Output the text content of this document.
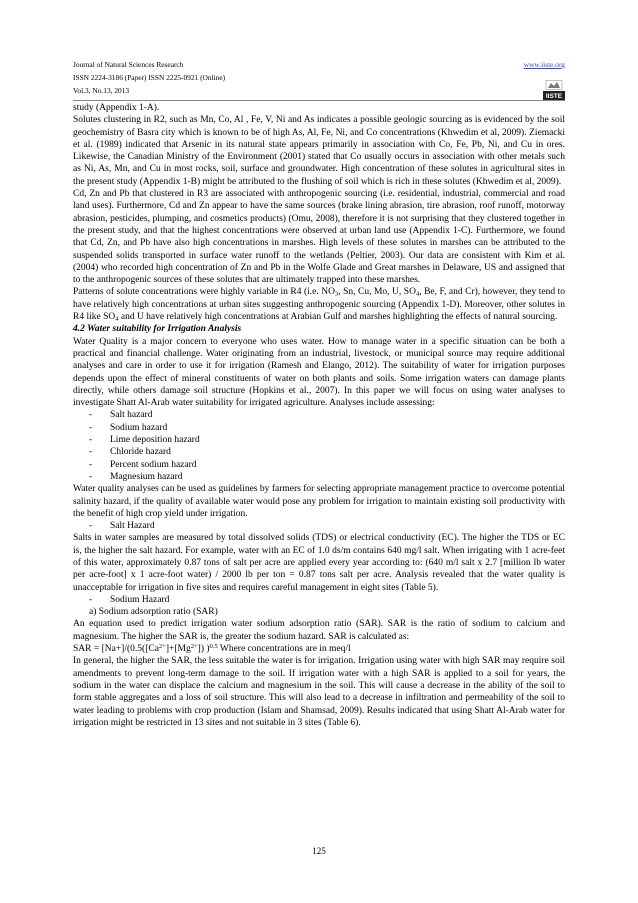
Journal of Natural Sciences Research
ISSN 2224-3186 (Paper) ISSN 2225-0921 (Online)
Vol.3, No.13, 2013
www.iiste.org
IISTE

study (Appendix 1-A).

Solutes clustering in R2, such as Mn, Co, Al , Fe, V, Ni and As indicates a possible geologic sourcing as is evidenced by the soil geochemistry of Basra city which is known to be of high As, Al, Fe, Ni, and Co concentrations (Khwedim et al, 2009). Ziemacki et al. (1989) indicated that Arsenic in its natural state appears primarily in association with Co, Fe, Pb, Ni, and Cu in ores. Likewise, the Canadian Ministry of the Environment (2001) stated that Co usually occurs in association with other metals such as Ni, As, Mn, and Cu in most rocks, soil, surface and groundwater. High concentration of these solutes in agricultural sites in the present study (Appendix 1-B) might be attributed to the flushing of soil which is rich in these solutes (Khwedim et al, 2009).

Cd, Zn and Pb that clustered in R3 are associated with anthropogenic sourcing (i.e. residential, industrial, commercial and road land uses). Furthermore, Cd and Zn appear to have the same sources (brake lining abrasion, tire abrasion, roof runoff, motorway abrasion, pesticides, plumping, and cosmetics products) (Omu, 2008), therefore it is not surprising that they clustered together in the present study, and that the highest concentrations were observed at urban land use (Appendix 1-C). Furthermore, we found that Cd, Zn, and Pb have also high concentrations in marshes. High levels of these solutes in marshes can be attributed to the suspended solids transported in surface water runoff to the wetlands (Peltier, 2003). Our data are consistent with Kim et al. (2004) who recorded high concentration of Zn and Pb in the Wolfe Glade and Great marshes in Delaware, US and assigned that to the anthropogenic sources of these solutes that are ultimately trapped into these marshes.

Patterns of solute concentrations were highly variable in R4 (i.e. $NO_3$, Sn, Cu, Mo, U, $SO_4$, Be, F, and Cr), however, they tend to have relatively high concentrations at urban sites suggesting anthropogenic sourcing (Appendix 1-D). Moreover, other solutes in R4 like $SO_4$ and U have relatively high concentrations at Arabian Gulf and marshes highlighting the effects of natural sourcing.

4.2 Water suitability for Irrigation Analysis

Water Quality is a major concern to everyone who uses water. How to manage water in a specific situation can be both a practical and financial challenge. Water originating from an industrial, livestock, or municipal source may require additional analyses and care in order to use it for irrigation (Ramesh and Elango, 2012). The suitability of water for irrigation purposes depends upon the effect of mineral constituents of water on both plants and soils. Some irrigation waters can damage plants directly, while others damage soil structure (Hopkins et al., 2007). In this paper we will focus on using water analyses to investigate Shatt Al-Arab water suitability for irrigated agriculture. Analyses include assessing:

- Salt hazard
- Sodium hazard
- Lime deposition hazard
- Chloride hazard
- Percent sodium hazard
- Magnesium hazard

Water quality analyses can be used as guidelines by farmers for selecting appropriate management practice to overcome potential salinity hazard, if the quality of available water would pose any problem for irrigation to maintain existing soil productivity with the benefit of high crop yield under irrigation.

- Salt Hazard

Salts in water samples are measured by total dissolved solids (TDS) or electrical conductivity (EC). The higher the TDS or EC is, the higher the salt hazard. For example, water with an EC of 1.0 ds/m contains 640 mg/l salt. When irrigating with 1 acre-feet of this water, approximately 0.87 tons of salt per acre are applied every year according to: (640 m/l salt x 2.7 [million lb water per acre-foot] x 1 acre-foot water) / 2000 lb per ton = 0.87 tons salt per acre. Analysis revealed that the water quality is unacceptable for irrigation in five sites and requires careful management in eight sites (Table 5).

- Sodium Hazard

a) Sodium adsorption ratio (SAR)

An equation used to predict irrigation water sodium adsorption ratio (SAR). SAR is the ratio of sodium to calcium and magnesium. The higher the SAR is, the greater the sodium hazard. SAR is calculated as:

SAR = $[Na+]/(0.5([Ca^{2+}]+[Mg^{2+}])$ )$^{0.5}$ Where concentrations are in meq/l

In general, the higher the SAR, the less suitable the water is for irrigation. Irrigation using water with high SAR may require soil amendments to prevent long-term damage to the soil. If irrigation water with a high SAR is applied to a soil for years, the sodium in the water can displace the calcium and magnesium in the soil. This will cause a decrease in the ability of the soil to form stable aggregates and a loss of soil structure. This will also lead to a decrease in infiltration and permeability of the soil to water leading to problems with crop production (Islam and Shamsad, 2009). Results indicated that using Shatt Al-Arab water for irrigation might be restricted in 13 sites and not suitable in 3 sites (Table 6).

125
